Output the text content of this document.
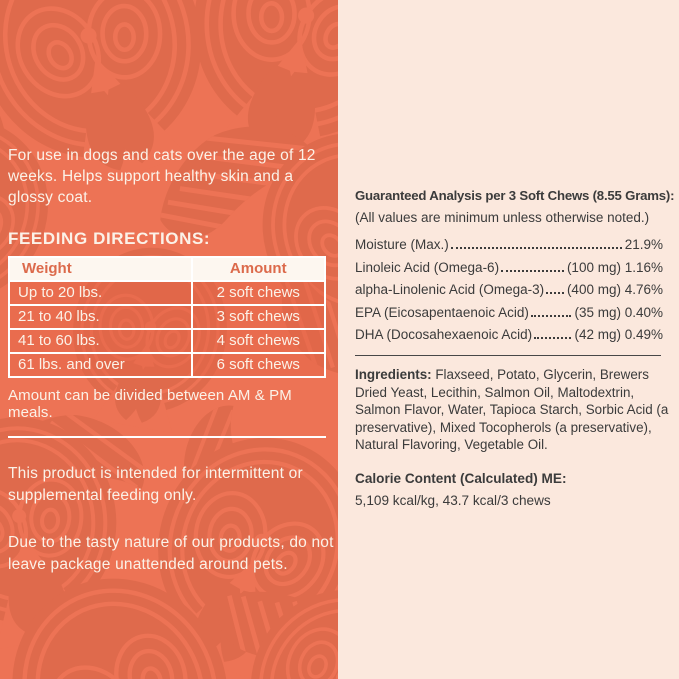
For use in dogs and cats over the age of 12 weeks. Helps support healthy skin and a glossy coat.

FEEDING DIRECTIONS:
Weight	Amount
Up to 20 lbs.	2 soft chews
21 to 40 lbs.	3 soft chews
41 to 60 lbs.	4 soft chews
61 lbs. and over	6 soft chews

Amount can be divided between AM & PM meals.

This product is intended for intermittent or supplemental feeding only.

Due to the tasty nature of our products, do not leave package unattended around pets.

Guaranteed Analysis per 3 Soft Chews (8.55 Grams):
(All values are minimum unless otherwise noted.)
Moisture (Max.)	21.9%
Linoleic Acid (Omega-6)	(100 mg) 1.16%
alpha-Linolenic Acid (Omega-3) (400 mg) 4.76%
EPA (Eicosapentaenoic Acid)	(35 mg) 0.40%
DHA (Docosahexaenoic Acid)	(42 mg) 0.49%

Ingredients: Flaxseed, Potato, Glycerin, Brewers Dried Yeast, Lecithin, Salmon Oil, Maltodextrin, Salmon Flavor, Water, Tapioca Starch, Sorbic Acid (a preservative), Mixed Tocopherols (a preservative), Natural Flavoring, Vegetable Oil.

Calorie Content (Calculated) ME:
5,109 kcal/kg, 43.7 kcal/3 chews
